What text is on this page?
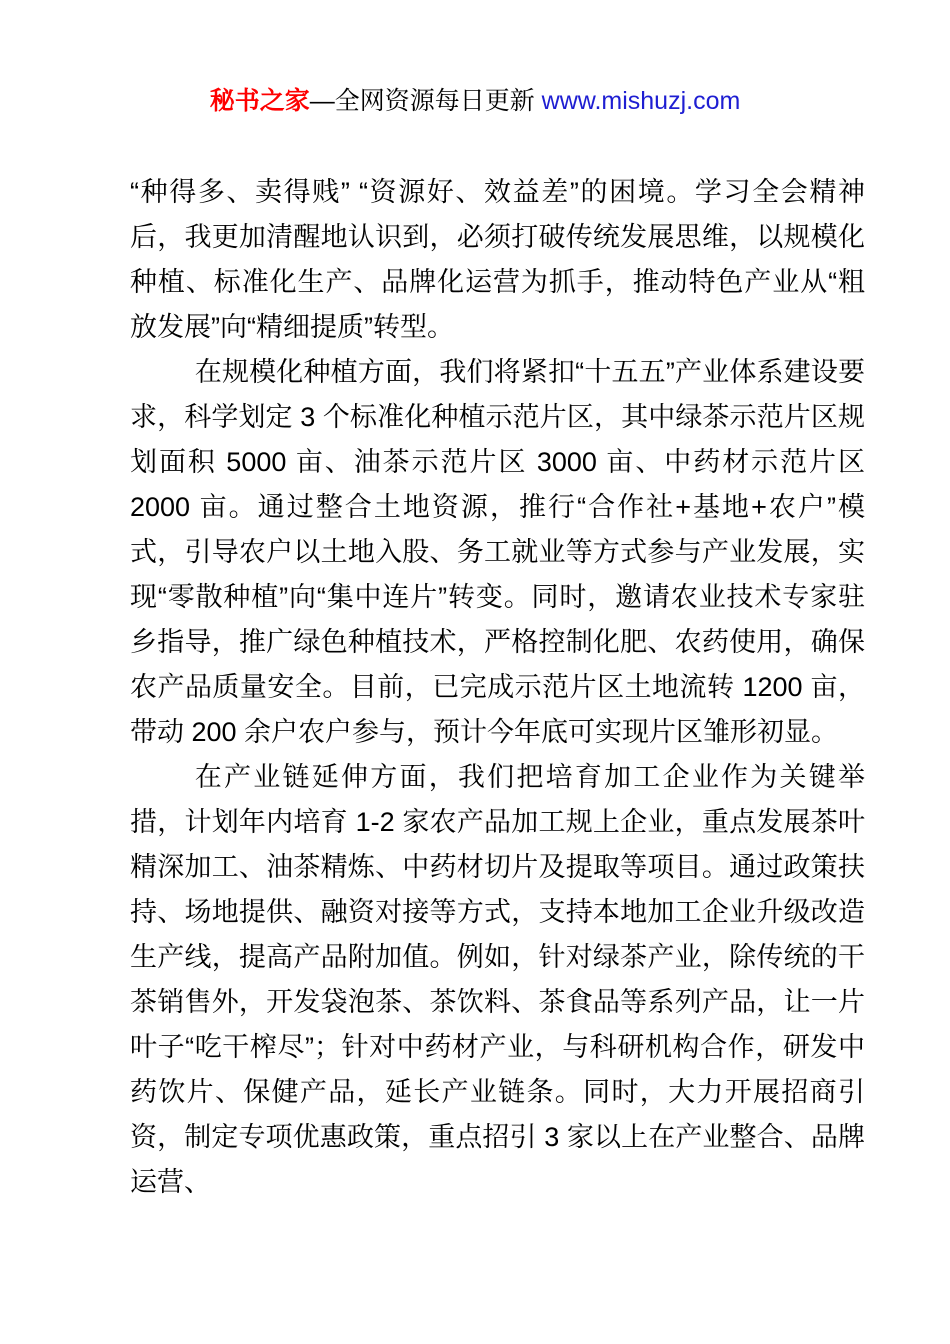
秘书之家—全网资源每日更新 www.mishuzj.com

“种得多、卖得贱” “资源好、效益差”的困境。学习全会精神后，我更加清醒地认识到，必须打破传统发展思维，以规模化种植、标准化生产、品牌化运营为抓手，推动特色产业从“粗放发展”向“精细提质”转型。

在规模化种植方面，我们将紧扣“十五五”产业体系建设要求，科学划定 3 个标准化种植示范片区，其中绿茶示范片区规划面积 5000 亩、油茶示范片区 3000 亩、中药材示范片区 2000 亩。通过整合土地资源，推行“合作社+基地+农户”模式，引导农户以土地入股、务工就业等方式参与产业发展，实现“零散种植”向“集中连片”转变。同时，邀请农业技术专家驻乡指导，推广绿色种植技术，严格控制化肥、农药使用，确保农产品质量安全。目前，已完成示范片区土地流转 1200 亩，带动 200 余户农户参与，预计今年底可实现片区雏形初显。

在产业链延伸方面，我们把培育加工企业作为关键举措，计划年内培育 1-2 家农产品加工规上企业，重点发展茶叶精深加工、油茶精炼、中药材切片及提取等项目。通过政策扶持、场地提供、融资对接等方式，支持本地加工企业升级改造生产线，提高产品附加值。例如，针对绿茶产业，除传统的干茶销售外，开发袋泡茶、茶饮料、茶食品等系列产品，让一片叶子“吃干榨尽”；针对中药材产业，与科研机构合作，研发中药饮片、保健产品，延长产业链条。同时，大力开展招商引资，制定专项优惠政策，重点招引 3 家以上在产业整合、品牌运营、
